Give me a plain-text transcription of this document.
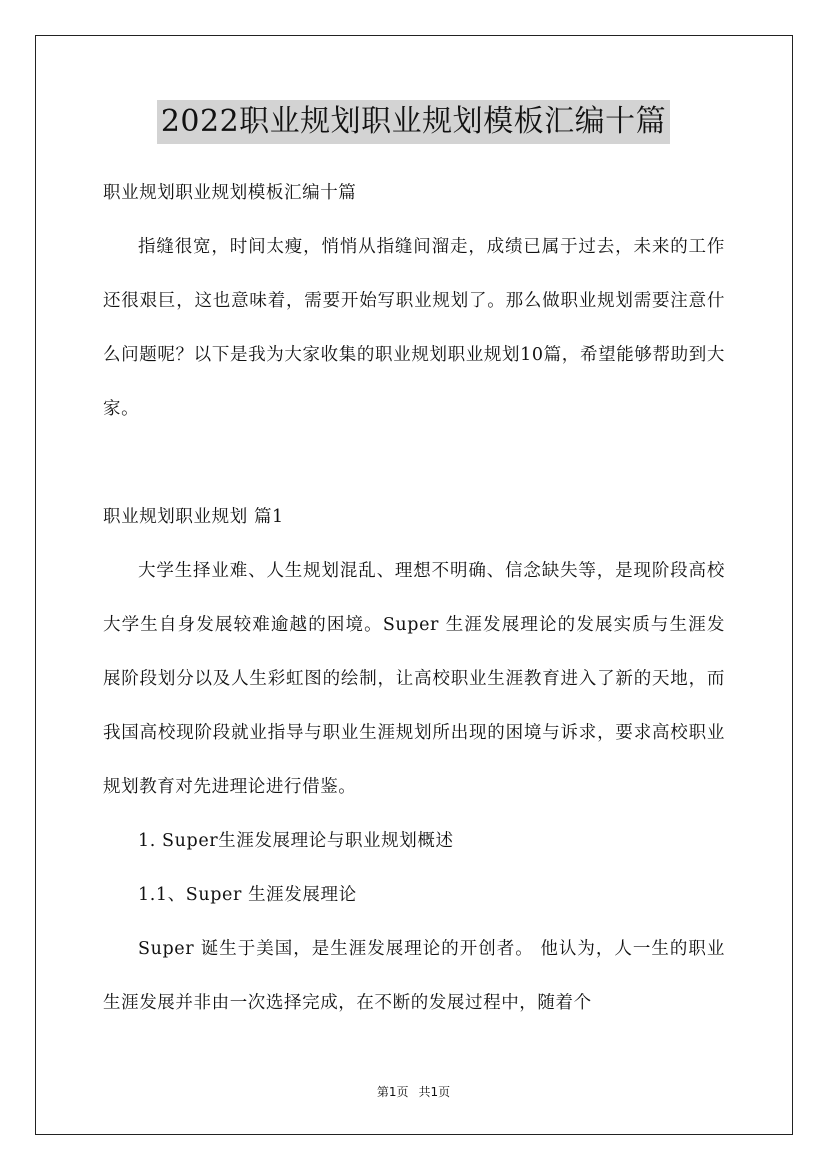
2022职业规划职业规划模板汇编十篇

职业规划职业规划模板汇编十篇

指缝很宽，时间太瘦，悄悄从指缝间溜走，成绩已属于过去，未来的工作还很艰巨，这也意味着，需要开始写职业规划了。那么做职业规划需要注意什么问题呢？以下是我为大家收集的职业规划职业规划10篇，希望能够帮助到大家。

职业规划职业规划 篇1

大学生择业难、人生规划混乱、理想不明确、信念缺失等，是现阶段高校大学生自身发展较难逾越的困境。Super 生涯发展理论的发展实质与生涯发展阶段划分以及人生彩虹图的绘制，让高校职业生涯教育进入了新的天地，而我国高校现阶段就业指导与职业生涯规划所出现的困境与诉求，要求高校职业规划教育对先进理论进行借鉴。

1. Super生涯发展理论与职业规划概述

1.1、Super 生涯发展理论

Super 诞生于美国，是生涯发展理论的开创者。 他认为，人一生的职业生涯发展并非由一次选择完成，在不断的发展过程中，随着个

第1页 共1页
